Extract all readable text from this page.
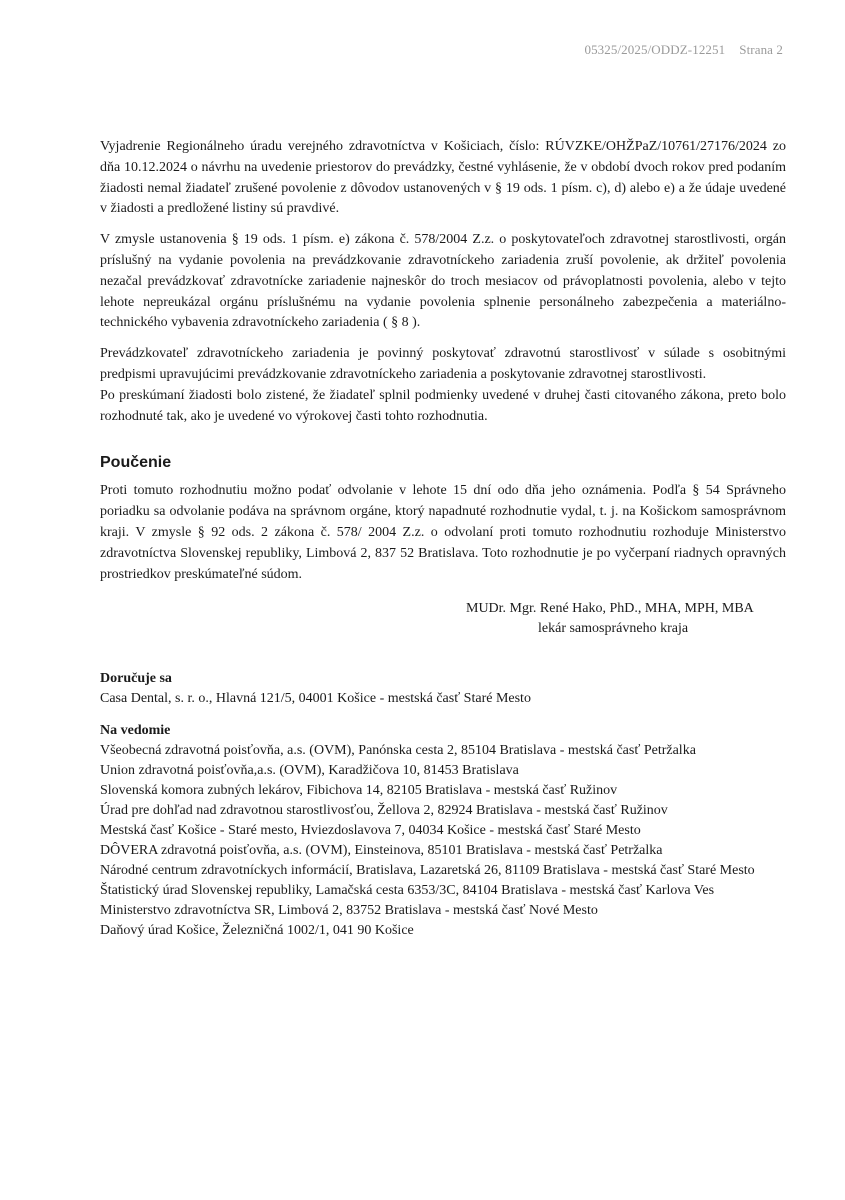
05325/2025/ODDZ-12251 Strana 2

Vyjadrenie Regionálneho úradu verejného zdravotníctva v Košiciach, číslo: RÚVZKE/OHŽPaZ/10761/27176/2024 zo dňa 10.12.2024 o návrhu na uvedenie priestorov do prevádzky, čestné vyhlásenie, že v období dvoch rokov pred podaním žiadosti nemal žiadateľ zrušené povolenie z dôvodov ustanovených v § 19 ods. 1 písm. c), d) alebo e) a že údaje uvedené v žiadosti a predložené listiny sú pravdivé.

V zmysle ustanovenia § 19 ods. 1 písm. e) zákona č. 578/2004 Z.z. o poskytovateľoch zdravotnej starostlivosti, orgán príslušný na vydanie povolenia na prevádzkovanie zdravotníckeho zariadenia zruší povolenie, ak držiteľ povolenia nezačal prevádzkovať zdravotnícke zariadenie najneskôr do troch mesiacov od právoplatnosti povolenia, alebo v tejto lehote nepreukázal orgánu príslušnému na vydanie povolenia splnenie personálneho zabezpečenia a materiálno-technického vybavenia zdravotníckeho zariadenia ( § 8 ).

Prevádzkovateľ zdravotníckeho zariadenia je povinný poskytovať zdravotnú starostlivosť v súlade s osobitnými predpismi upravujúcimi prevádzkovanie zdravotníckeho zariadenia a poskytovanie zdravotnej starostlivosti.

Po preskúmaní žiadosti bolo zistené, že žiadateľ splnil podmienky uvedené v druhej časti citovaného zákona, preto bolo rozhodnuté tak, ako je uvedené vo výrokovej časti tohto rozhodnutia.

Poučenie

Proti tomuto rozhodnutiu možno podať odvolanie v lehote 15 dní odo dňa jeho oznámenia. Podľa § 54 Správneho poriadku sa odvolanie podáva na správnom orgáne, ktorý napadnuté rozhodnutie vydal, t. j. na Košickom samosprávnom kraji. V zmysle § 92 ods. 2 zákona č. 578/ 2004 Z.z. o odvolaní proti tomuto rozhodnutiu rozhoduje Ministerstvo zdravotníctva Slovenskej republiky, Limbová 2, 837 52 Bratislava. Toto rozhodnutie je po vyčerpaní riadnych opravných prostriedkov preskúmateľné súdom.

MUDr. Mgr. René Hako, PhD., MHA, MPH, MBA
lekár samosprávneho kraja
Doručuje sa
Casa Dental, s. r. o., Hlavná 121/5, 04001 Košice - mestská časť Staré Mesto
Na vedomie
Všeobecná zdravotná poisťovňa, a.s. (OVM), Panónska cesta 2, 85104 Bratislava - mestská časť Petržalka
Union zdravotná poisťovňa,a.s. (OVM), Karadžičova 10, 81453 Bratislava
Slovenská komora zubných lekárov, Fibichova 14, 82105 Bratislava - mestská časť Ružinov
Úrad pre dohľad nad zdravotnou starostlivosťou, Žellova 2, 82924 Bratislava - mestská časť Ružinov
Mestská časť Košice - Staré mesto, Hviezdoslavova 7, 04034 Košice - mestská časť Staré Mesto
DÔVERA zdravotná poisťovňa, a.s. (OVM), Einsteinova, 85101 Bratislava - mestská časť Petržalka
Národné centrum zdravotníckych informácií, Bratislava, Lazaretská 26, 81109 Bratislava - mestská časť Staré Mesto
Štatistický úrad Slovenskej republiky, Lamačská cesta 6353/3C, 84104 Bratislava - mestská časť Karlova Ves
Ministerstvo zdravotníctva SR, Limbová 2, 83752 Bratislava - mestská časť Nové Mesto
Daňový úrad Košice, Železničná 1002/1, 041 90 Košice
